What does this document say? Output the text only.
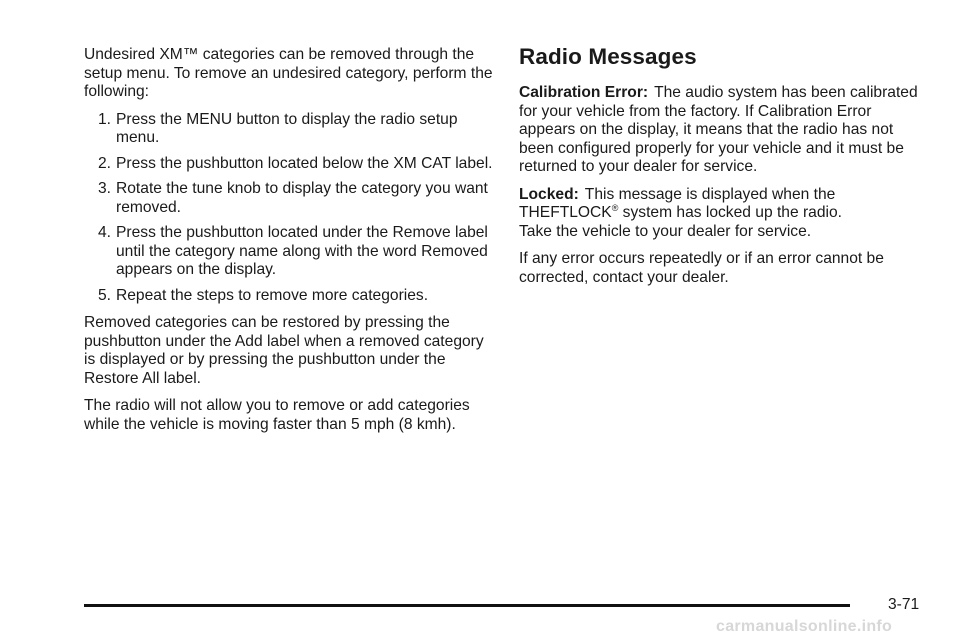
Undesired XM™ categories can be removed through the setup menu. To remove an undesired category, perform the following:

1. Press the MENU button to display the radio setup menu.
2. Press the pushbutton located below the XM CAT label.
3. Rotate the tune knob to display the category you want removed.
4. Press the pushbutton located under the Remove label until the category name along with the word Removed appears on the display.
5. Repeat the steps to remove more categories.

Removed categories can be restored by pressing the pushbutton under the Add label when a removed category is displayed or by pressing the pushbutton under the Restore All label.

The radio will not allow you to remove or add categories while the vehicle is moving faster than 5 mph (8 kmh).

Radio Messages

Calibration Error: The audio system has been calibrated for your vehicle from the factory. If Calibration Error appears on the display, it means that the radio has not been configured properly for your vehicle and it must be returned to your dealer for service.

Locked: This message is displayed when the THEFTLOCK® system has locked up the radio.
Take the vehicle to your dealer for service.

If any error occurs repeatedly or if an error cannot be corrected, contact your dealer.

3-71
carmanualsonline.info
